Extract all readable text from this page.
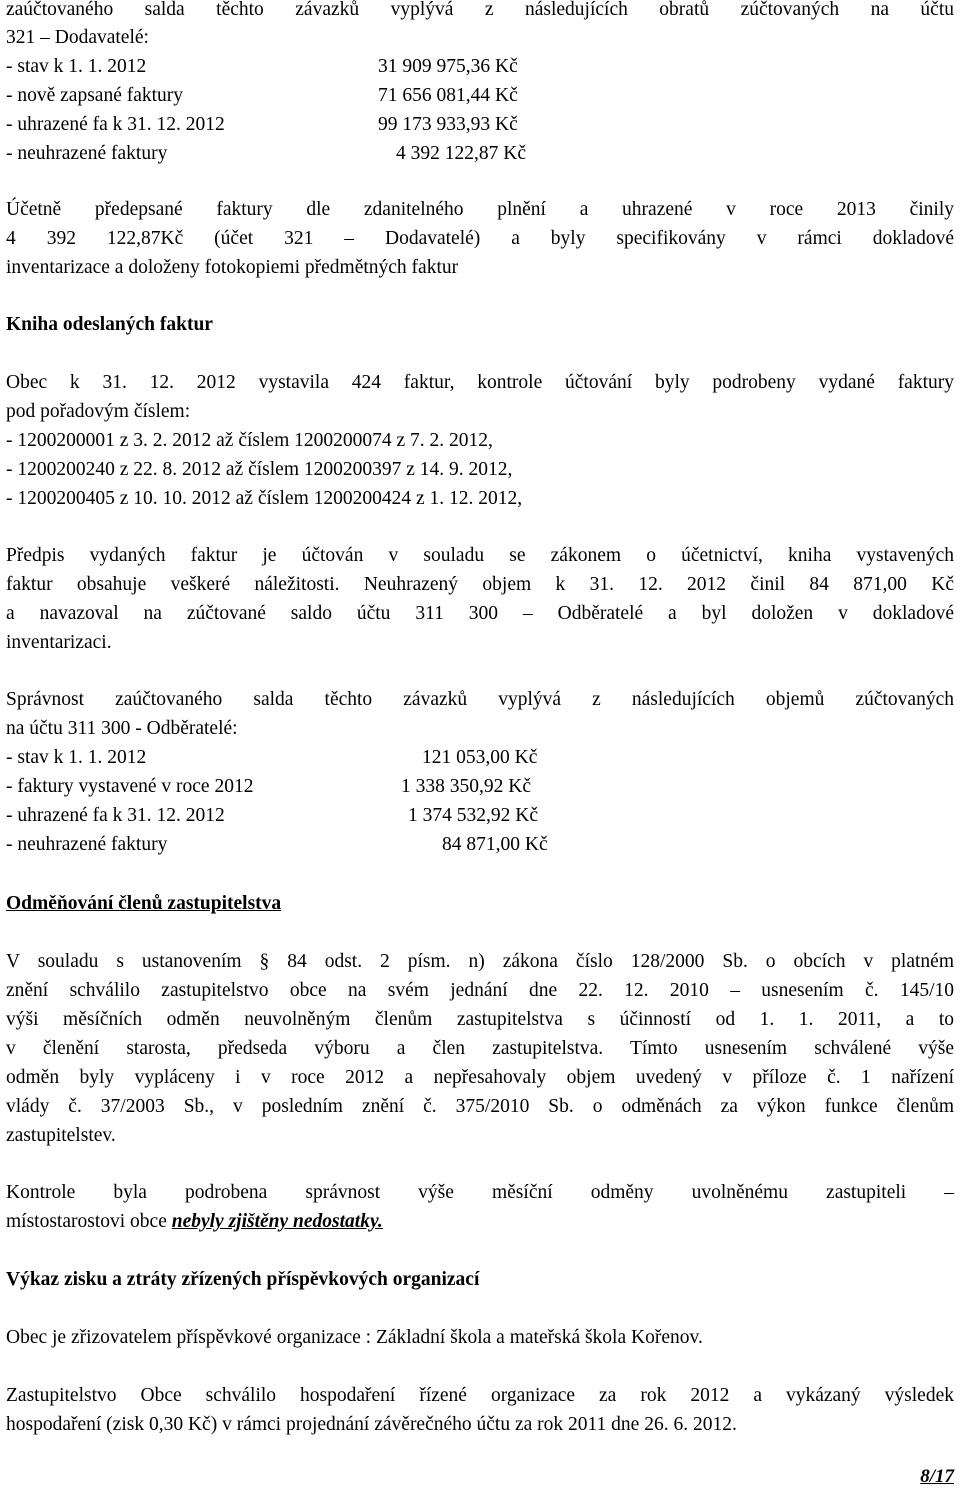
zaúčtovaného salda těchto závazků vyplývá z následujících obratů zúčtovaných na účtu
321 – Dodavatelé:
- stav k 1. 1. 2012	31 909 975,36 Kč
- nově zapsané faktury	71 656 081,44 Kč
- uhrazené fa k 31. 12. 2012	99 173 933,93 Kč
- neuhrazené faktury	4 392 122,87 Kč
Účetně předepsané faktury dle zdanitelného plnění a uhrazené v roce 2013 činily
4 392 122,87Kč (účet 321 – Dodavatelé) a byly specifikovány v rámci dokladové
inventarizace a doloženy fotokopiemi předmětných faktur
Kniha odeslaných faktur
Obec k 31. 12. 2012 vystavila 424 faktur, kontrole účtování byly podrobeny vydané faktury
pod pořadovým číslem:
- 1200200001 z 3. 2. 2012 až číslem 1200200074 z 7. 2. 2012,
- 1200200240 z 22. 8. 2012 až číslem 1200200397 z 14. 9. 2012,
- 1200200405 z 10. 10. 2012 až číslem 1200200424 z 1. 12. 2012,
Předpis vydaných faktur je účtován v souladu se zákonem o účetnictví, kniha vystavených
faktur obsahuje veškeré náležitosti. Neuhrazený objem k 31. 12. 2012 činil 84 871,00 Kč
a navazoval na zúčtované saldo účtu 311 300 – Odběratelé a byl doložen v dokladové
inventarizaci.
Správnost zaúčtovaného salda těchto závazků vyplývá z následujících objemů zúčtovaných
na účtu 311 300 - Odběratelé:
- stav k 1. 1. 2012	121 053,00 Kč
- faktury vystavené v roce 2012	1 338 350,92 Kč
- uhrazené fa k 31. 12. 2012	1 374 532,92 Kč
- neuhrazené faktury	84 871,00 Kč
Odměňování členů zastupitelstva
V souladu s ustanovením § 84 odst. 2 písm. n) zákona číslo 128/2000 Sb. o obcích v platném
znění schválilo zastupitelstvo obce na svém jednání dne 22. 12. 2010 – usnesením č. 145/10
výši měsíčních odměn neuvolněným členům zastupitelstva s účinností od 1. 1. 2011, a to
v členění starosta, předseda výboru a člen zastupitelstva. Tímto usnesením schválené výše
odměn byly vypláceny i v roce 2012 a nepřesahovaly objem uvedený v příloze č. 1 nařízení
vlády č. 37/2003 Sb., v posledním znění č. 375/2010 Sb. o odměnách za výkon funkce členům
zastupitelstev.
Kontrole byla podrobena správnost výše měsíční odměny uvolněnému zastupiteli –
místostarostovi obce nebyly zjištěny nedostatky.
Výkaz zisku a ztráty zřízených příspěvkových organizací
Obec je zřizovatelem příspěvkové organizace : Základní škola a mateřská škola Kořenov.
Zastupitelstvo Obce schválilo hospodaření řízené organizace za rok 2012 a vykázaný výsledek
hospodaření (zisk 0,30 Kč) v rámci projednání závěrečného účtu za rok 2011 dne 26. 6. 2012.
8/17
